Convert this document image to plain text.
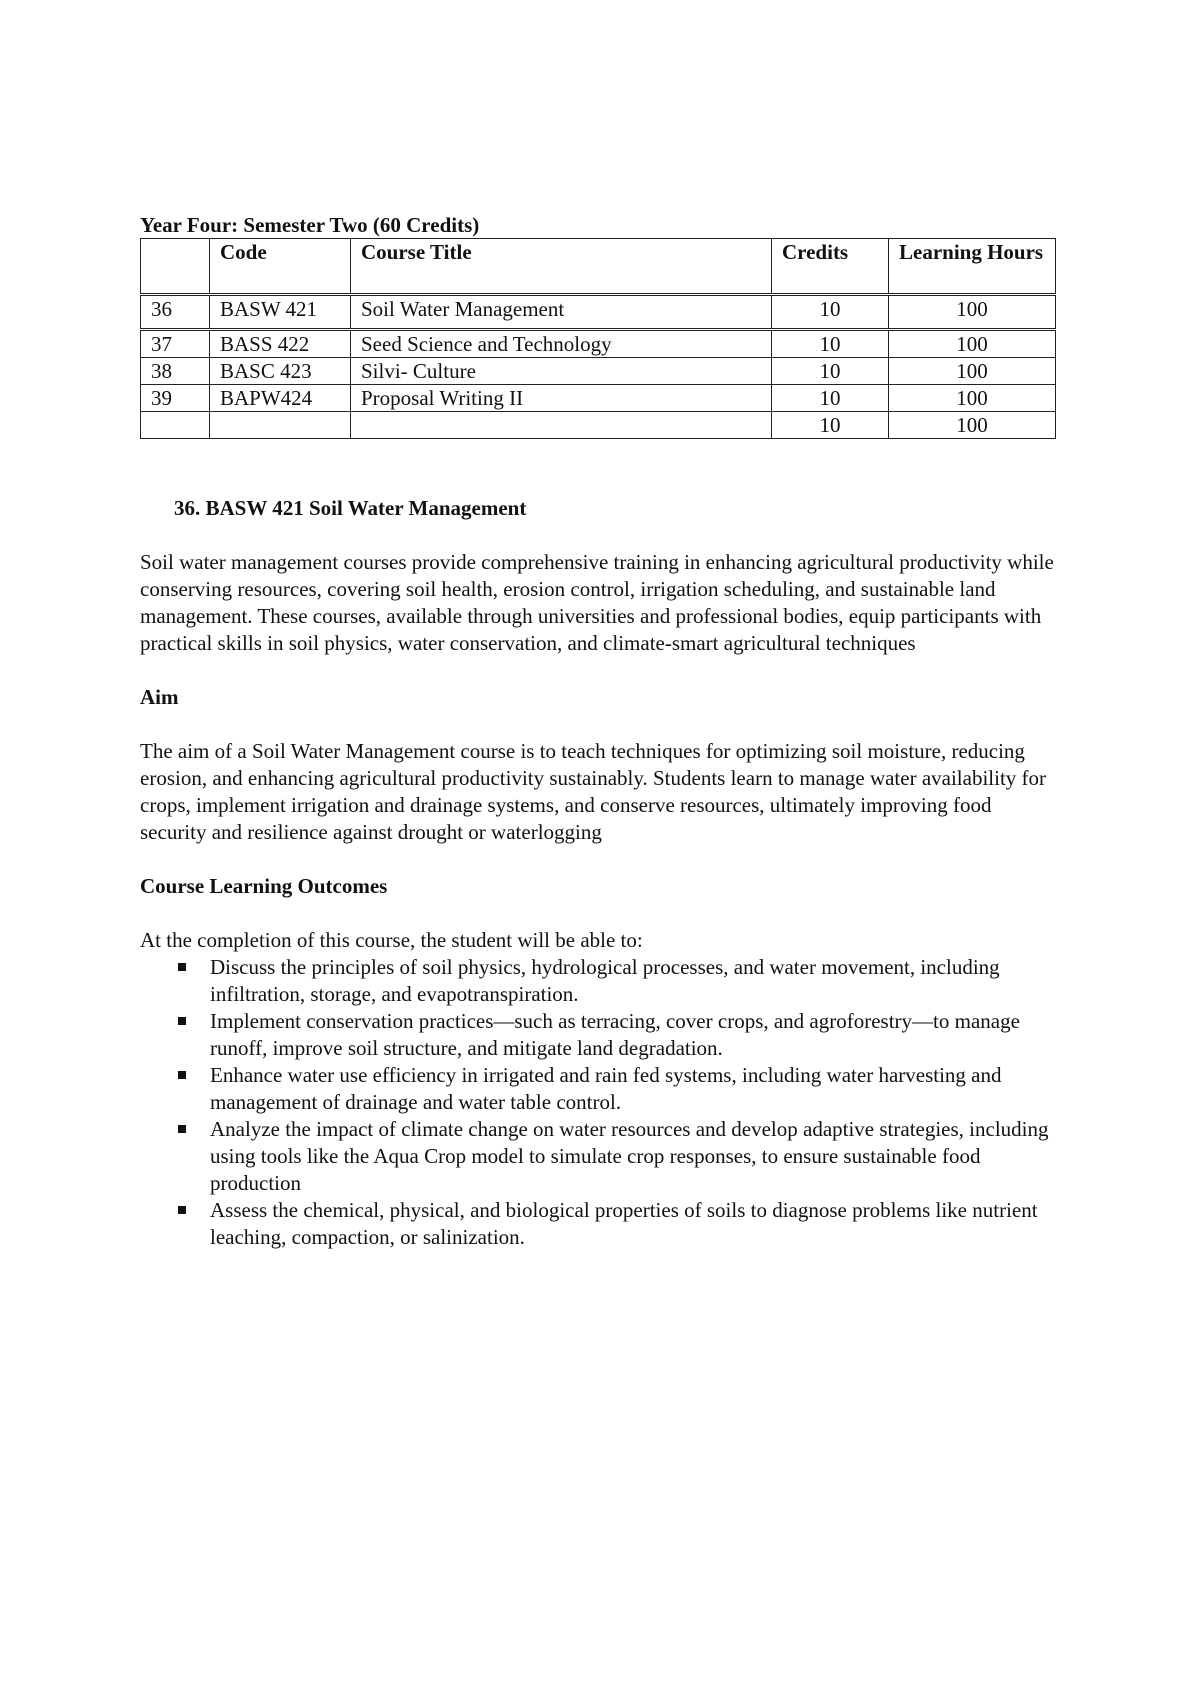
Year Four: Semester Two (60 Credits)

	Code	Course Title	Credits	Learning Hours
36	BASW 421	Soil Water Management	10	100
37	BASS 422	Seed Science and Technology	10	100
38	BASC 423	Silvi- Culture	10	100
39	BAPW424	Proposal Writing II	10	100
			10	100

36. BASW 421 Soil Water Management

Soil water management courses provide comprehensive training in enhancing agricultural productivity while conserving resources, covering soil health, erosion control, irrigation scheduling, and sustainable land management. These courses, available through universities and professional bodies, equip participants with practical skills in soil physics, water conservation, and climate-smart agricultural techniques

Aim

The aim of a Soil Water Management course is to teach techniques for optimizing soil moisture, reducing erosion, and enhancing agricultural productivity sustainably. Students learn to manage water availability for crops, implement irrigation and drainage systems, and conserve resources, ultimately improving food security and resilience against drought or waterlogging

Course Learning Outcomes

At the completion of this course, the student will be able to:

Discuss the principles of soil physics, hydrological processes, and water movement, including infiltration, storage, and evapotranspiration.
Implement conservation practices—such as terracing, cover crops, and agroforestry—to manage runoff, improve soil structure, and mitigate land degradation.
Enhance water use efficiency in irrigated and rain fed systems, including water harvesting and management of drainage and water table control.
Analyze the impact of climate change on water resources and develop adaptive strategies, including using tools like the Aqua Crop model to simulate crop responses, to ensure sustainable food production
Assess the chemical, physical, and biological properties of soils to diagnose problems like nutrient leaching, compaction, or salinization.
